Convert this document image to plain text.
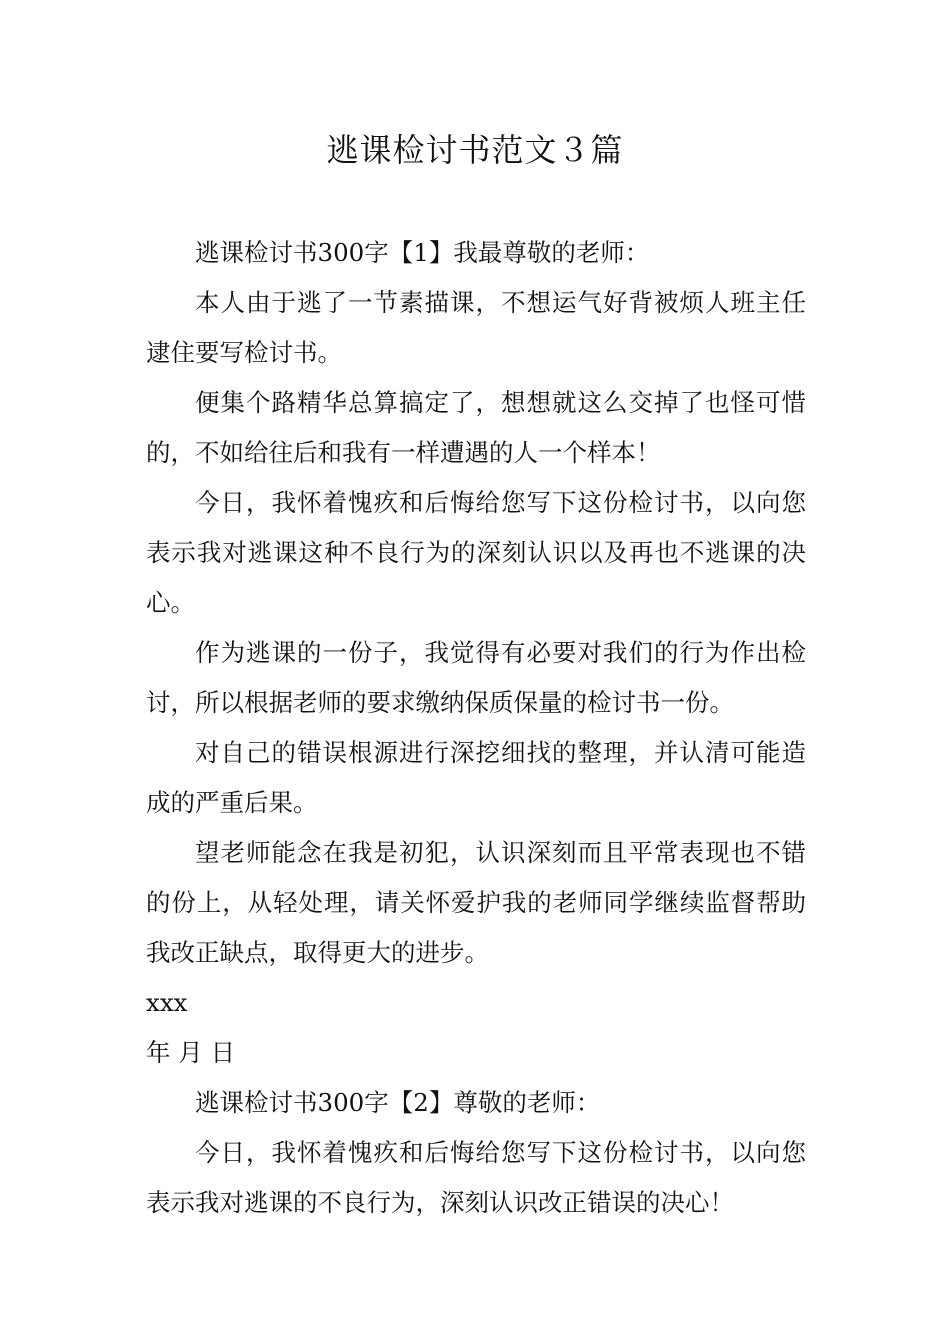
逃课检讨书范文３篇

逃课检讨书300字【1】我最尊敬的老师：

本人由于逃了一节素描课，不想运气好背被烦人班主任逮住要写检讨书。

便集个路精华总算搞定了，想想就这么交掉了也怪可惜的，不如给往后和我有一样遭遇的人一个样本！

今日，我怀着愧疚和后悔给您写下这份检讨书，以向您表示我对逃课这种不良行为的深刻认识以及再也不逃课的决心。

作为逃课的一份子，我觉得有必要对我们的行为作出检讨，所以根据老师的要求缴纳保质保量的检讨书一份。

对自己的错误根源进行深挖细找的整理，并认清可能造成的严重后果。

望老师能念在我是初犯，认识深刻而且平常表现也不错的份上，从轻处理，请关怀爱护我的老师同学继续监督帮助我改正缺点，取得更大的进步。

xxx

年 月 日

逃课检讨书300字【2】尊敬的老师：

今日，我怀着愧疚和后悔给您写下这份检讨书，以向您表示我对逃课的不良行为，深刻认识改正错误的决心！
